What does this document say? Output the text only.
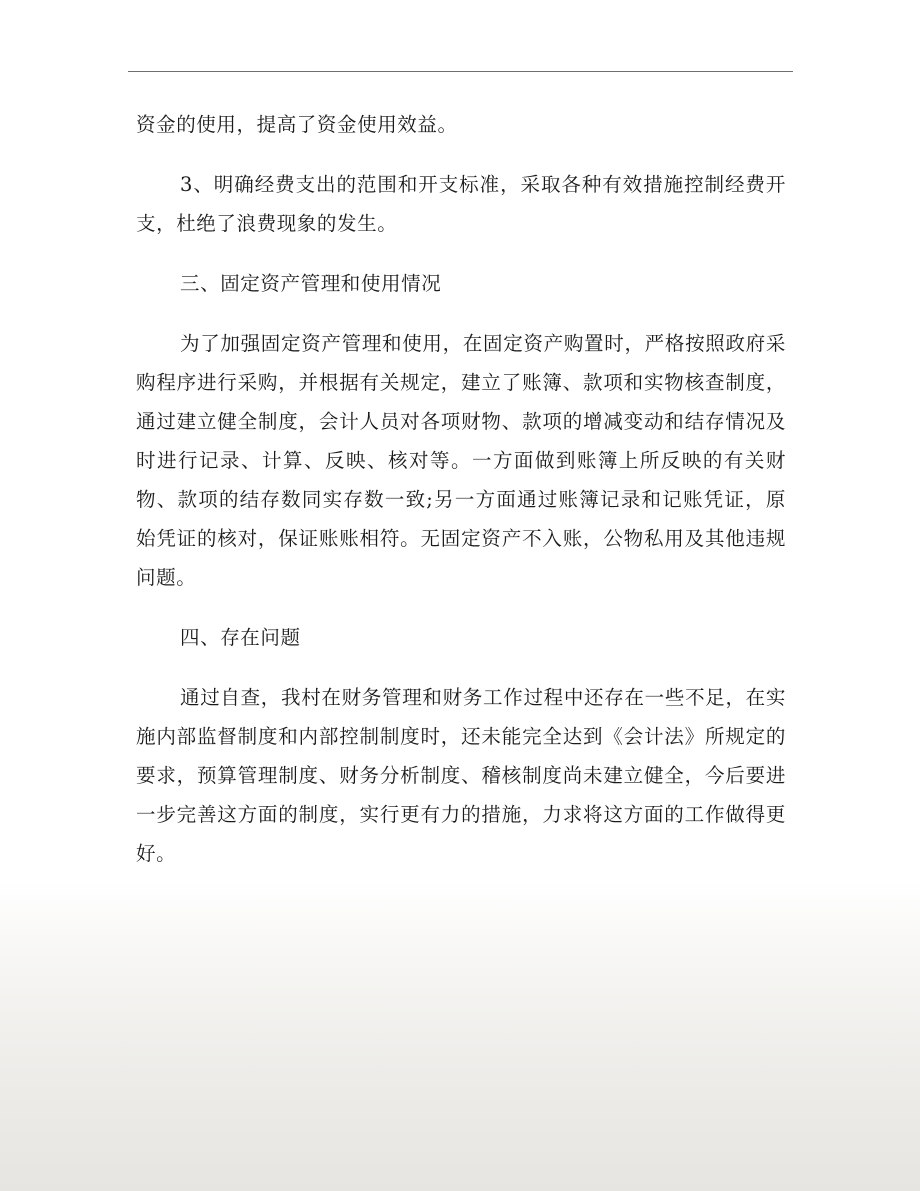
资金的使用，提高了资金使用效益。

3、明确经费支出的范围和开支标准，采取各种有效措施控制经费开支，杜绝了浪费现象的发生。

三、固定资产管理和使用情况

为了加强固定资产管理和使用，在固定资产购置时，严格按照政府采购程序进行采购，并根据有关规定，建立了账簿、款项和实物核查制度，通过建立健全制度，会计人员对各项财物、款项的增减变动和结存情况及时进行记录、计算、反映、核对等。一方面做到账簿上所反映的有关财物、款项的结存数同实存数一致;另一方面通过账簿记录和记账凭证，原始凭证的核对，保证账账相符。无固定资产不入账，公物私用及其他违规问题。

四、存在问题

通过自查，我村在财务管理和财务工作过程中还存在一些不足，在实施内部监督制度和内部控制制度时，还未能完全达到《会计法》所规定的要求，预算管理制度、财务分析制度、稽核制度尚未建立健全，今后要进一步完善这方面的制度，实行更有力的措施，力求将这方面的工作做得更好。
